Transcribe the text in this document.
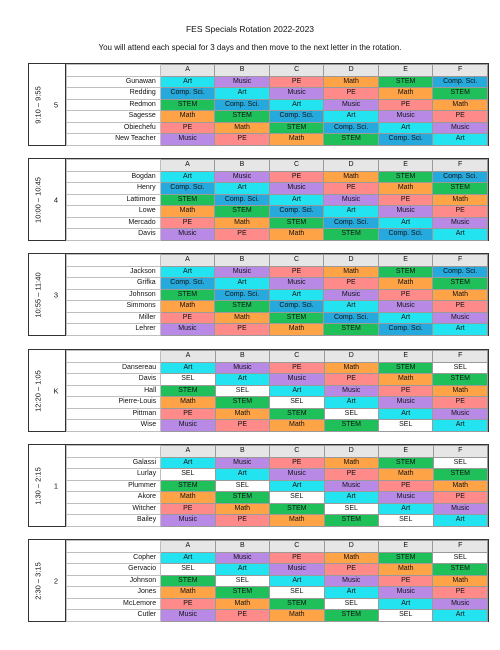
FES Specials Rotation 2022-2023
You will attend each special for 3 days and then move to the next letter in the rotation.
9:10 – 9:55	5
	A	B	C	D	E	F
Gunawan	Art	Music	PE	Math	STEM	Comp. Sci.
Redding	Comp. Sci.	Art	Music	PE	Math	STEM
Redmon	STEM	Comp. Sci.	Art	Music	PE	Math
Sagesse	Math	STEM	Comp. Sci.	Art	Music	PE
Obiechefu	PE	Math	STEM	Comp. Sci.	Art	Music
New Teacher	Music	PE	Math	STEM	Comp. Sci.	Art
10:00 – 10:45	4
	A	B	C	D	E	F
Bogdan	Art	Music	PE	Math	STEM	Comp. Sci.
Henry	Comp. Sci.	Art	Music	PE	Math	STEM
Lattimore	STEM	Comp. Sci.	Art	Music	PE	Math
Lowe	Math	STEM	Comp. Sci.	Art	Music	PE
Mercado	PE	Math	STEM	Comp. Sci.	Art	Music
Davis	Music	PE	Math	STEM	Comp. Sci.	Art
10:55 – 11:40	3
	A	B	C	D	E	F
Jackson	Art	Music	PE	Math	STEM	Comp. Sci.
Grifka	Comp. Sci.	Art	Music	PE	Math	STEM
Johnson	STEM	Comp. Sci.	Art	Music	PE	Math
Simmons	Math	STEM	Comp. Sci.	Art	Music	PE
Miller	PE	Math	STEM	Comp. Sci.	Art	Music
Lehrer	Music	PE	Math	STEM	Comp. Sci.	Art
12:20 – 1:05	K
	A	B	C	D	E	F
Dansereau	Art	Music	PE	Math	STEM	SEL
Davis	SEL	Art	Music	PE	Math	STEM
Hall	STEM	SEL	Art	Music	PE	Math
Pierre-Louis	Math	STEM	SEL	Art	Music	PE
Pittman	PE	Math	STEM	SEL	Art	Music
Wise	Music	PE	Math	STEM	SEL	Art
1:30 – 2:15	1
	A	B	C	D	E	F
Galassi	Art	Music	PE	Math	STEM	SEL
Lurlay	SEL	Art	Music	PE	Math	STEM
Plummer	STEM	SEL	Art	Music	PE	Math
Akore	Math	STEM	SEL	Art	Music	PE
Witcher	PE	Math	STEM	SEL	Art	Music
Bailey	Music	PE	Math	STEM	SEL	Art
2:30 – 3:15	2
	A	B	C	D	E	F
Copher	Art	Music	PE	Math	STEM	SEL
Gervacio	SEL	Art	Music	PE	Math	STEM
Johnson	STEM	SEL	Art	Music	PE	Math
Jones	Math	STEM	SEL	Art	Music	PE
McLemore	PE	Math	STEM	SEL	Art	Music
Cutler	Music	PE	Math	STEM	SEL	Art
